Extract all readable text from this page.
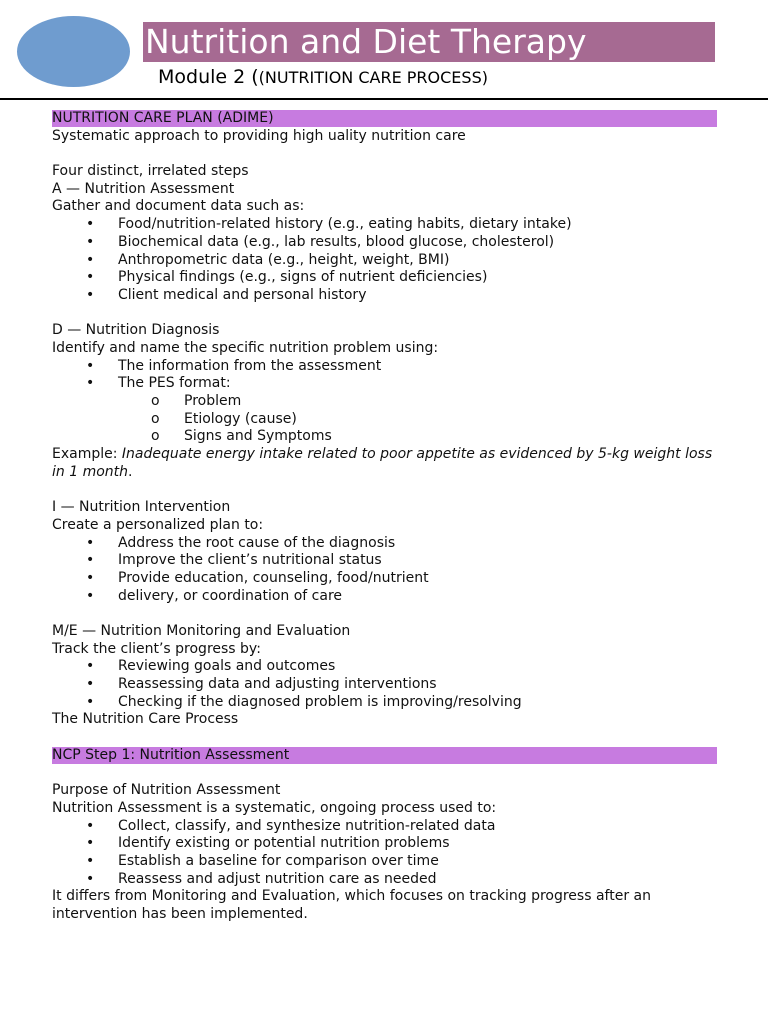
Nutrition and Diet Therapy
Module 2 ((NUTRITION CARE PROCESS)
NUTRITION CARE PLAN (ADIME)
Systematic approach to providing high uality nutrition care
Four distinct, irrelated steps
A — Nutrition Assessment
Gather and document data such as:
• Food/nutrition-related history (e.g., eating habits, dietary intake)
• Biochemical data (e.g., lab results, blood glucose, cholesterol)
• Anthropometric data (e.g., height, weight, BMI)
• Physical findings (e.g., signs of nutrient deficiencies)
• Client medical and personal history
D — Nutrition Diagnosis
Identify and name the specific nutrition problem using:
• The information from the assessment
• The PES format:
o Problem
o Etiology (cause)
o Signs and Symptoms
Example: Inadequate energy intake related to poor appetite as evidenced by 5-kg weight loss in 1 month.
I — Nutrition Intervention
Create a personalized plan to:
• Address the root cause of the diagnosis
• Improve the client’s nutritional status
• Provide education, counseling, food/nutrient
• delivery, or coordination of care
M/E — Nutrition Monitoring and Evaluation
Track the client’s progress by:
• Reviewing goals and outcomes
• Reassessing data and adjusting interventions
• Checking if the diagnosed problem is improving/resolving
The Nutrition Care Process
NCP Step 1: Nutrition Assessment
Purpose of Nutrition Assessment
Nutrition Assessment is a systematic, ongoing process used to:
• Collect, classify, and synthesize nutrition-related data
• Identify existing or potential nutrition problems
• Establish a baseline for comparison over time
• Reassess and adjust nutrition care as needed
It differs from Monitoring and Evaluation, which focuses on tracking progress after an intervention has been implemented.
